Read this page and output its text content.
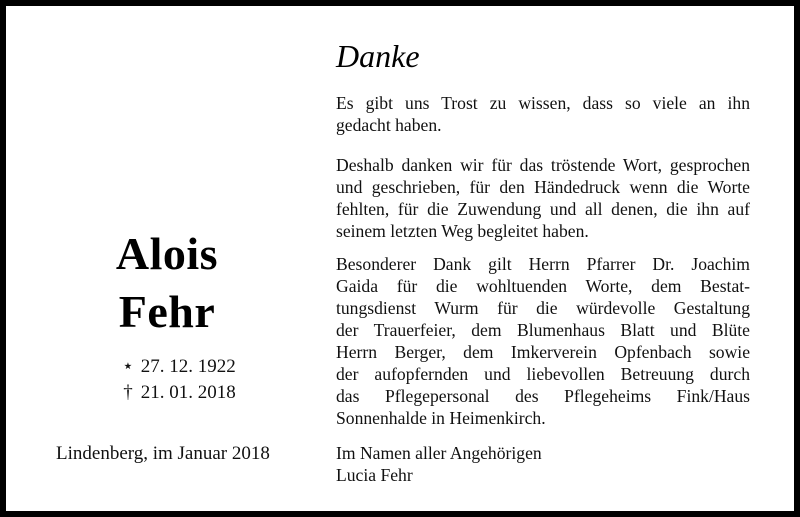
Alois
Fehr
⋆ 27. 12. 1922
† 21. 01. 2018
Lindenberg, im Januar 2018
Danke
Es gibt uns Trost zu wissen, dass so viele an ihn
gedacht haben.
Deshalb danken wir für das tröstende Wort, gesprochen
und geschrieben, für den Händedruck wenn die Worte
fehlten, für die Zuwendung und all denen, die ihn auf
seinem letzten Weg begleitet haben.
Besonderer Dank gilt Herrn Pfarrer Dr. Joachim
Gaida für die wohltuenden Worte, dem Bestat-
tungsdienst Wurm für die würdevolle Gestaltung
der Trauerfeier, dem Blumenhaus Blatt und Blüte
Herrn Berger, dem Imkerverein Opfenbach sowie
der aufopfernden und liebevollen Betreuung durch
das Pflegepersonal des Pflegeheims Fink/Haus
Sonnenhalde in Heimenkirch.
Im Namen aller Angehörigen
Lucia Fehr
